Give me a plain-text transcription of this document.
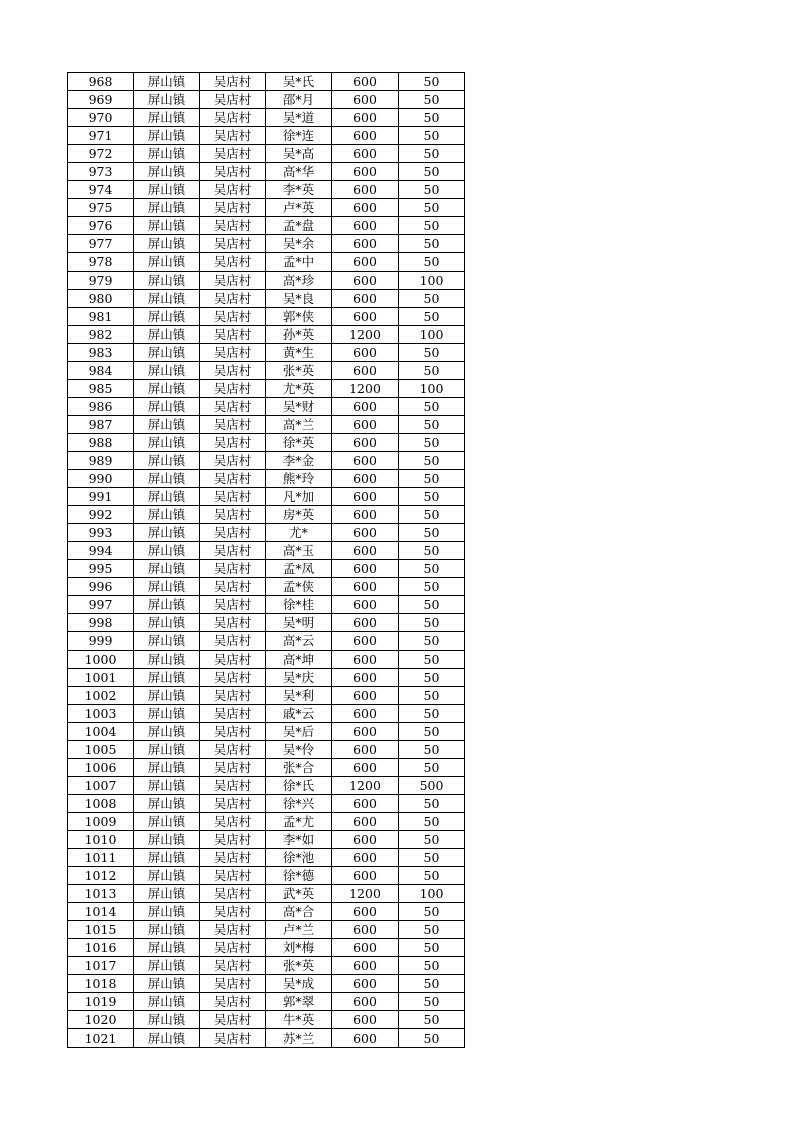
968	屏山镇	吴店村	吴*氏	600	50
969	屏山镇	吴店村	邵*月	600	50
970	屏山镇	吴店村	吴*道	600	50
971	屏山镇	吴店村	徐*连	600	50
972	屏山镇	吴店村	吴*高	600	50
973	屏山镇	吴店村	高*华	600	50
974	屏山镇	吴店村	李*英	600	50
975	屏山镇	吴店村	卢*英	600	50
976	屏山镇	吴店村	孟*盘	600	50
977	屏山镇	吴店村	吴*余	600	50
978	屏山镇	吴店村	孟*中	600	50
979	屏山镇	吴店村	高*珍	600	100
980	屏山镇	吴店村	吴*良	600	50
981	屏山镇	吴店村	郭*侠	600	50
982	屏山镇	吴店村	孙*英	1200	100
983	屏山镇	吴店村	黄*生	600	50
984	屏山镇	吴店村	张*英	600	50
985	屏山镇	吴店村	尤*英	1200	100
986	屏山镇	吴店村	吴*财	600	50
987	屏山镇	吴店村	高*兰	600	50
988	屏山镇	吴店村	徐*英	600	50
989	屏山镇	吴店村	李*金	600	50
990	屏山镇	吴店村	熊*玲	600	50
991	屏山镇	吴店村	凡*加	600	50
992	屏山镇	吴店村	房*英	600	50
993	屏山镇	吴店村	尤*	600	50
994	屏山镇	吴店村	高*玉	600	50
995	屏山镇	吴店村	孟*凤	600	50
996	屏山镇	吴店村	孟*侠	600	50
997	屏山镇	吴店村	徐*桂	600	50
998	屏山镇	吴店村	吴*明	600	50
999	屏山镇	吴店村	高*云	600	50
1000	屏山镇	吴店村	高*坤	600	50
1001	屏山镇	吴店村	吴*庆	600	50
1002	屏山镇	吴店村	吴*利	600	50
1003	屏山镇	吴店村	戚*云	600	50
1004	屏山镇	吴店村	吴*后	600	50
1005	屏山镇	吴店村	吴*伶	600	50
1006	屏山镇	吴店村	张*合	600	50
1007	屏山镇	吴店村	徐*氏	1200	500
1008	屏山镇	吴店村	徐*兴	600	50
1009	屏山镇	吴店村	孟*尤	600	50
1010	屏山镇	吴店村	李*如	600	50
1011	屏山镇	吴店村	徐*池	600	50
1012	屏山镇	吴店村	徐*德	600	50
1013	屏山镇	吴店村	武*英	1200	100
1014	屏山镇	吴店村	高*合	600	50
1015	屏山镇	吴店村	卢*兰	600	50
1016	屏山镇	吴店村	刘*梅	600	50
1017	屏山镇	吴店村	张*英	600	50
1018	屏山镇	吴店村	吴*成	600	50
1019	屏山镇	吴店村	郭*翠	600	50
1020	屏山镇	吴店村	牛*英	600	50
1021	屏山镇	吴店村	苏*兰	600	50
